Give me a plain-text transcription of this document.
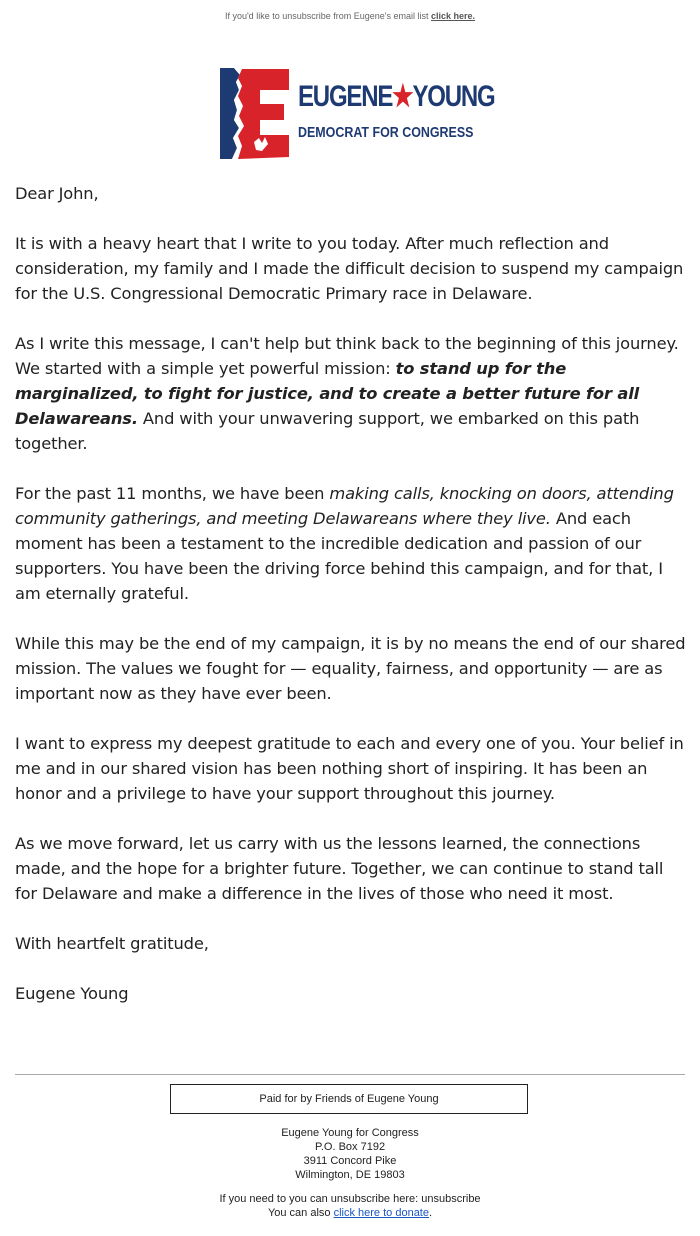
If you'd like to unsubscribe from Eugene's email list click here.
EUGENE★YOUNG
DEMOCRAT FOR CONGRESS

Dear John,

It is with a heavy heart that I write to you today. After much reflection and consideration, my family and I made the difficult decision to suspend my campaign for the U.S. Congressional Democratic Primary race in Delaware.

As I write this message, I can't help but think back to the beginning of this journey. We started with a simple yet powerful mission: to stand up for the marginalized, to fight for justice, and to create a better future for all Delawareans. And with your unwavering support, we embarked on this path together.

For the past 11 months, we have been making calls, knocking on doors, attending community gatherings, and meeting Delawareans where they live. And each moment has been a testament to the incredible dedication and passion of our supporters. You have been the driving force behind this campaign, and for that, I am eternally grateful.

While this may be the end of my campaign, it is by no means the end of our shared mission. The values we fought for — equality, fairness, and opportunity — are as important now as they have ever been.

I want to express my deepest gratitude to each and every one of you. Your belief in me and in our shared vision has been nothing short of inspiring. It has been an honor and a privilege to have your support throughout this journey.

As we move forward, let us carry with us the lessons learned, the connections made, and the hope for a brighter future. Together, we can continue to stand tall for Delaware and make a difference in the lives of those who need it most.

With heartfelt gratitude,

Eugene Young

Paid for by Friends of Eugene Young
Eugene Young for Congress
P.O. Box 7192
3911 Concord Pike
Wilmington, DE 19803
If you need to you can unsubscribe here: unsubscribe
You can also click here to donate.
